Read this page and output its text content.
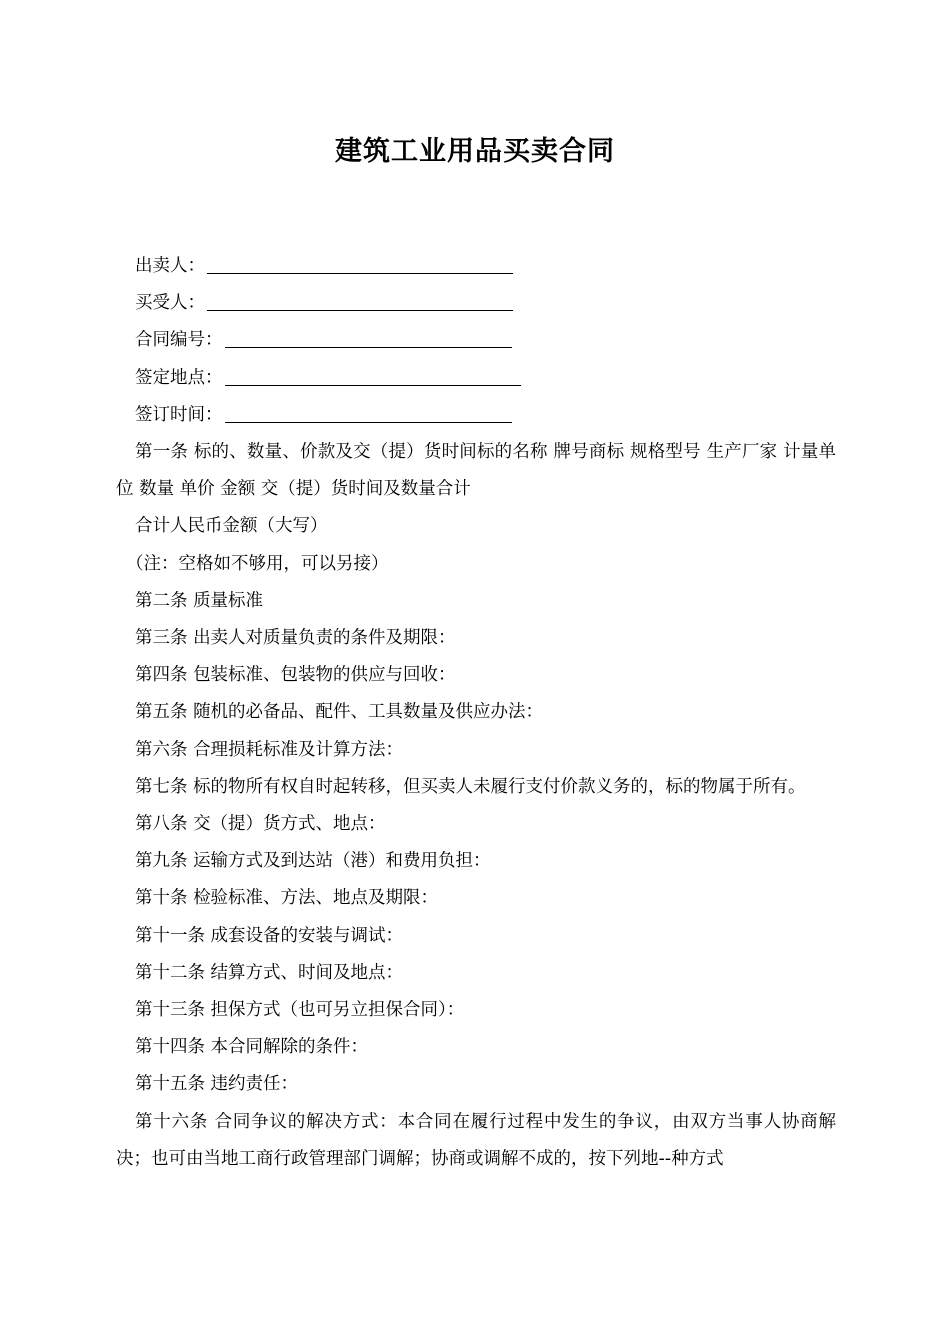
建筑工业用品买卖合同
出卖人：
买受人：
合同编号：
签定地点：
签订时间：
第一条 标的、数量、价款及交（提）货时间标的名称 牌号商标 规格型号 生产厂家 计量单位 数量 单价 金额 交（提）货时间及数量合计
合计人民币金额（大写）
（注：空格如不够用，可以另接）
第二条 质量标准
第三条 出卖人对质量负责的条件及期限：
第四条 包装标准、包装物的供应与回收：
第五条 随机的必备品、配件、工具数量及供应办法：
第六条 合理损耗标准及计算方法：
第七条 标的物所有权自时起转移，但买卖人未履行支付价款义务的，标的物属于所有。
第八条 交（提）货方式、地点：
第九条 运输方式及到达站（港）和费用负担：
第十条 检验标准、方法、地点及期限：
第十一条 成套设备的安装与调试：
第十二条 结算方式、时间及地点：
第十三条 担保方式（也可另立担保合同）：
第十四条 本合同解除的条件：
第十五条 违约责任：
第十六条 合同争议的解决方式：本合同在履行过程中发生的争议，由双方当事人协商解决；也可由当地工商行政管理部门调解；协商或调解不成的，按下列地--种方式
